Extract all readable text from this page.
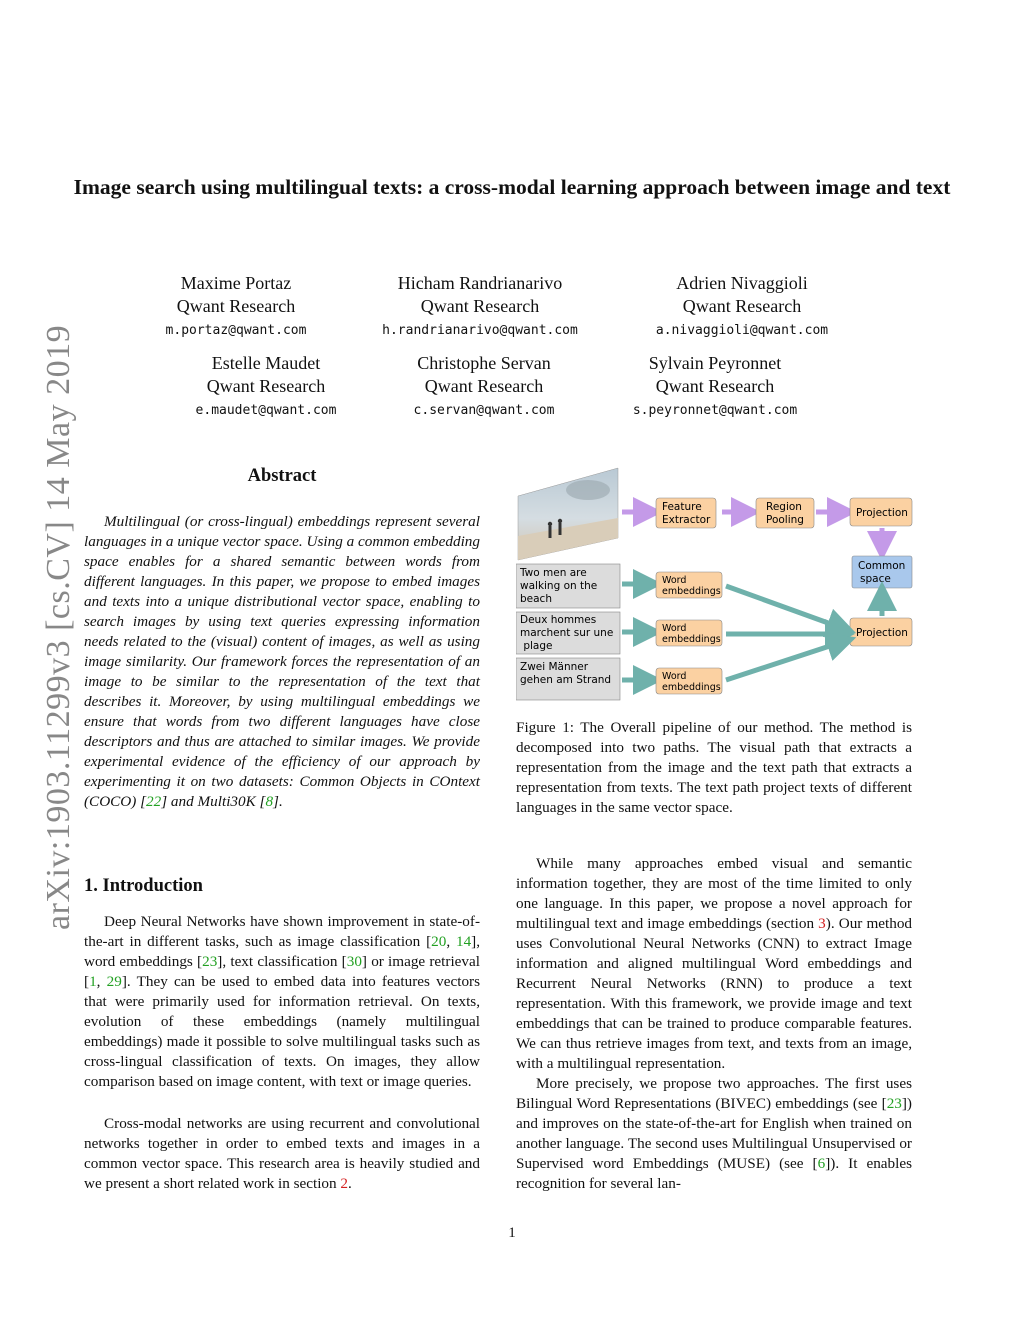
arXiv:1903.11299v3 [cs.CV] 14 May 2019
Image search using multilingual texts: a cross-modal learning approach between image and text
Maxime Portaz
Qwant Research
m.portaz@qwant.com
Hicham Randrianarivo
Qwant Research
h.randrianarivo@qwant.com
Adrien Nivaggioli
Qwant Research
a.nivaggioli@qwant.com
Estelle Maudet
Qwant Research
e.maudet@qwant.com
Christophe Servan
Qwant Research
c.servan@qwant.com
Sylvain Peyronnet
Qwant Research
s.peyronnet@qwant.com
Abstract

Multilingual (or cross-lingual) embeddings represent several languages in a unique vector space. Using a common embedding space enables for a shared semantic between words from different languages. In this paper, we propose to embed images and texts into a unique distributional vector space, enabling to search images by using text queries expressing information needs related to the (visual) content of images, as well as using image similarity. Our framework forces the representation of an image to be similar to the representation of the text that describes it. Moreover, by using multilingual embeddings we ensure that words from two different languages have close descriptors and thus are attached to similar images. We provide experimental evidence of the efficiency of our approach by experimenting it on two datasets: Common Objects in COntext (COCO) [22] and Multi30K [8].

1. Introduction

Deep Neural Networks have shown improvement in state-of-the-art in different tasks, such as image classification [20, 14], word embeddings [23], text classification [30] or image retrieval [1, 29]. They can be used to embed data into features vectors that were primarily used for information retrieval. On texts, evolution of these embeddings (namely multilingual embeddings) made it possible to solve multilingual tasks such as cross-lingual classification of texts. On images, they allow comparison based on image content, with text or image queries.

Cross-modal networks are using recurrent and convolutional networks together in order to embed texts and images in a common vector space. This research area is heavily studied and we present a short related work in section 2.

Feature
Extractor
Region
Pooling
Projection
Common
space
Projection
Two men are
walking on the
beach
Deux hommes
marchent sur une
plage
Zwei Männer
gehen am Strand
Word
embeddings
Word
embeddings
Word
embeddings

Figure 1: The Overall pipeline of our method. The method is decomposed into two paths. The visual path that extracts a representation from the image and the text path that extracts a representation from texts. The text path project texts of different languages in the same vector space.

While many approaches embed visual and semantic information together, they are most of the time limited to only one language. In this paper, we propose a novel approach for multilingual text and image embeddings (section 3). Our method uses Convolutional Neural Networks (CNN) to extract Image information and aligned multilingual Word embeddings and Recurrent Neural Networks (RNN) to produce a text representation. With this framework, we provide image and text embeddings that can be trained to produce comparable features. We can thus retrieve images from text, and texts from an image, with a multilingual representation.

More precisely, we propose two approaches. The first uses Bilingual Word Representations (BIVEC) embeddings (see [23]) and improves on the state-of-the-art for English when trained on another language. The second uses Multilingual Unsupervised or Supervised word Embeddings (MUSE) (see [6]). It enables recognition for several lan-

1
